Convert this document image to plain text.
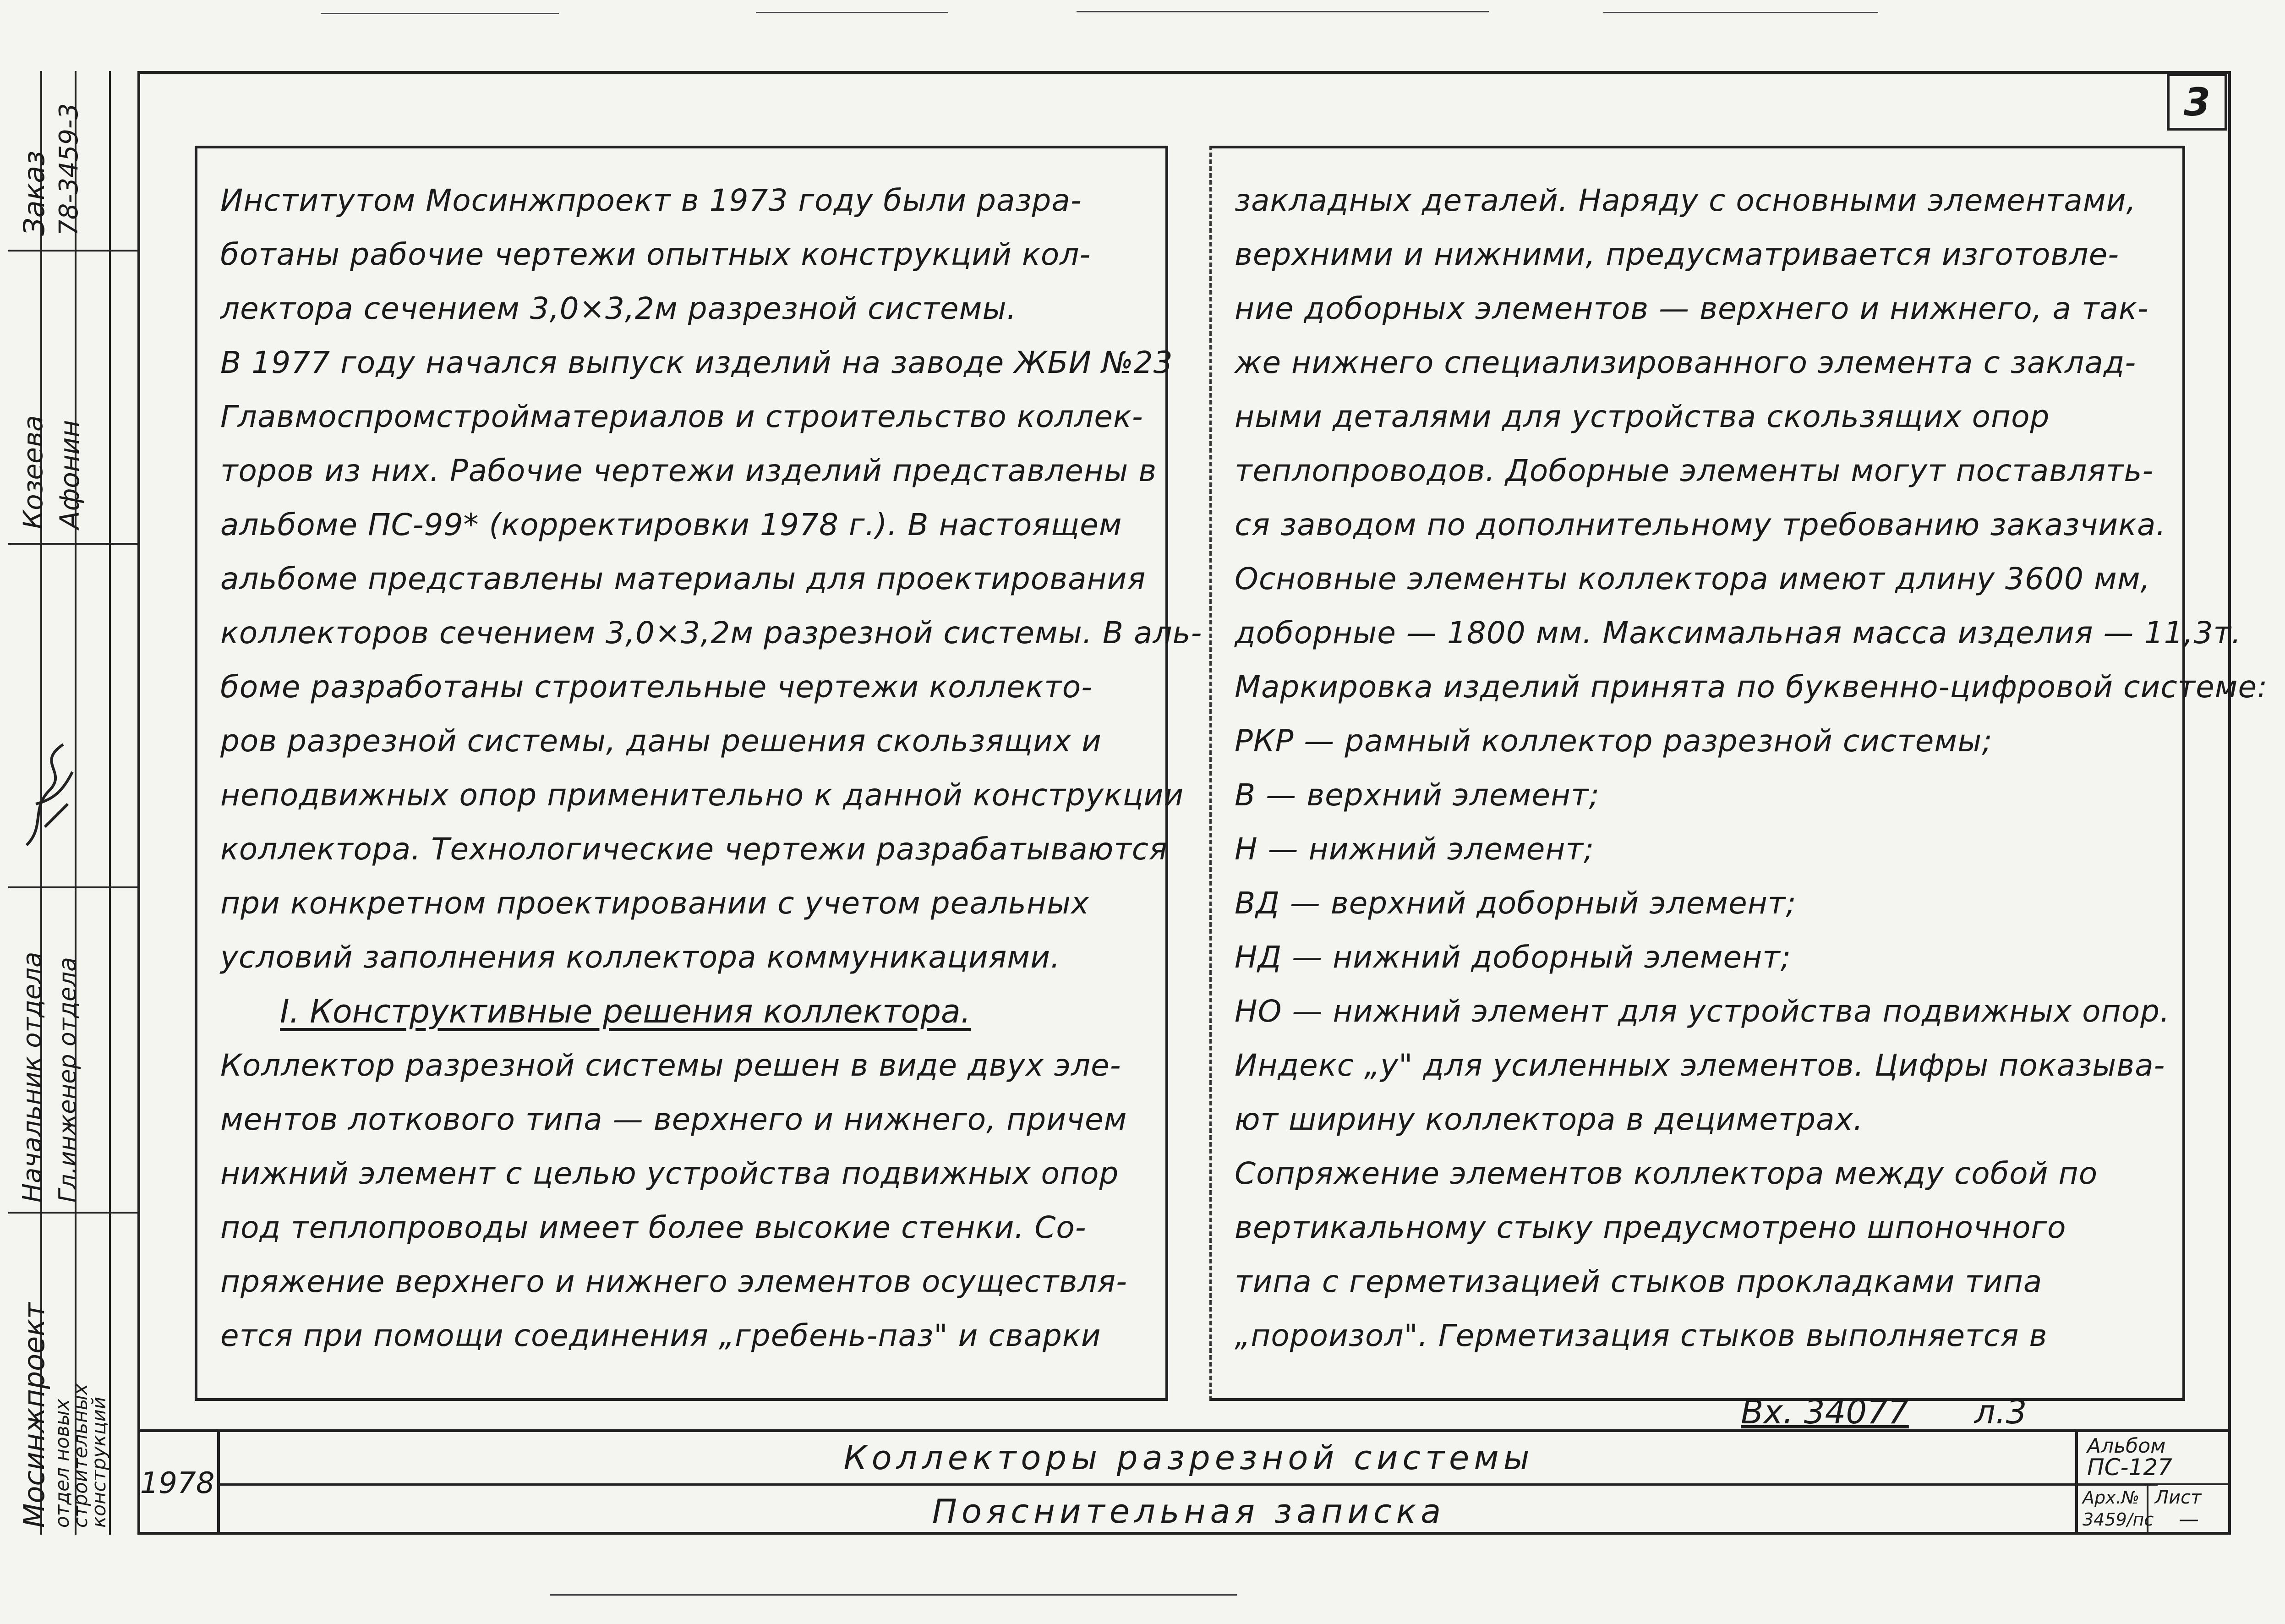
Заказ 78-3459-3
Козеева Афонин
Начальник отдела Гл.инженер отдела
Мосинжпроект отдел новых строительных конструкций
3
Институтом Мосинжпроект в 1973 году были разра-
ботаны рабочие чертежи опытных конструкций кол-
лектора сечением 3,0×3,2м разрезной системы.
В 1977 году начался выпуск изделий на заводе ЖБИ №23
Главмоспромстройматериалов и строительство коллек-
торов из них. Рабочие чертежи изделий представлены в
альбоме ПС-99* (корректировки 1978 г.). В настоящем
альбоме представлены материалы для проектирования
коллекторов сечением 3,0×3,2м разрезной системы. В аль-
боме разработаны строительные чертежи коллекто-
ров разрезной системы, даны решения скользящих и
неподвижных опор применительно к данной конструкции
коллектора. Технологические чертежи разрабатываются
при конкретном проектировании с учетом реальных
условий заполнения коллектора коммуникациями.
I. Конструктивные решения коллектора.
Коллектор разрезной системы решен в виде двух эле-
ментов лоткового типа — верхнего и нижнего, причем
нижний элемент с целью устройства подвижных опор
под теплопроводы имеет более высокие стенки. Со-
пряжение верхнего и нижнего элементов осуществля-
ется при помощи соединения „гребень-паз" и сварки
закладных деталей. Наряду с основными элементами,
верхними и нижними, предусматривается изготовле-
ние доборных элементов — верхнего и нижнего, а так-
же нижнего специализированного элемента с заклад-
ными деталями для устройства скользящих опор
теплопроводов. Доборные элементы могут поставлять-
ся заводом по дополнительному требованию заказчика.
Основные элементы коллектора имеют длину 3600 мм,
доборные — 1800 мм. Максимальная масса изделия — 11,3т.
Маркировка изделий принята по буквенно-цифровой системе:
РКР — рамный коллектор разрезной системы;
В — верхний элемент;
Н — нижний элемент;
ВД — верхний доборный элемент;
НД — нижний доборный элемент;
НО — нижний элемент для устройства подвижных опор.
Индекс „у" для усиленных элементов. Цифры показыва-
ют ширину коллектора в дециметрах.
Сопряжение элементов коллектора между собой по
вертикальному стыку предусмотрено шпоночного
типа с герметизацией стыков прокладками типа
„пороизол". Герметизация стыков выполняется в
Вх. 34077 л.3
1978
Коллекторы разрезной системы
Пояснительная записка
Альбом
ПС-127
Арх.№
3459/пс
Лист
—
